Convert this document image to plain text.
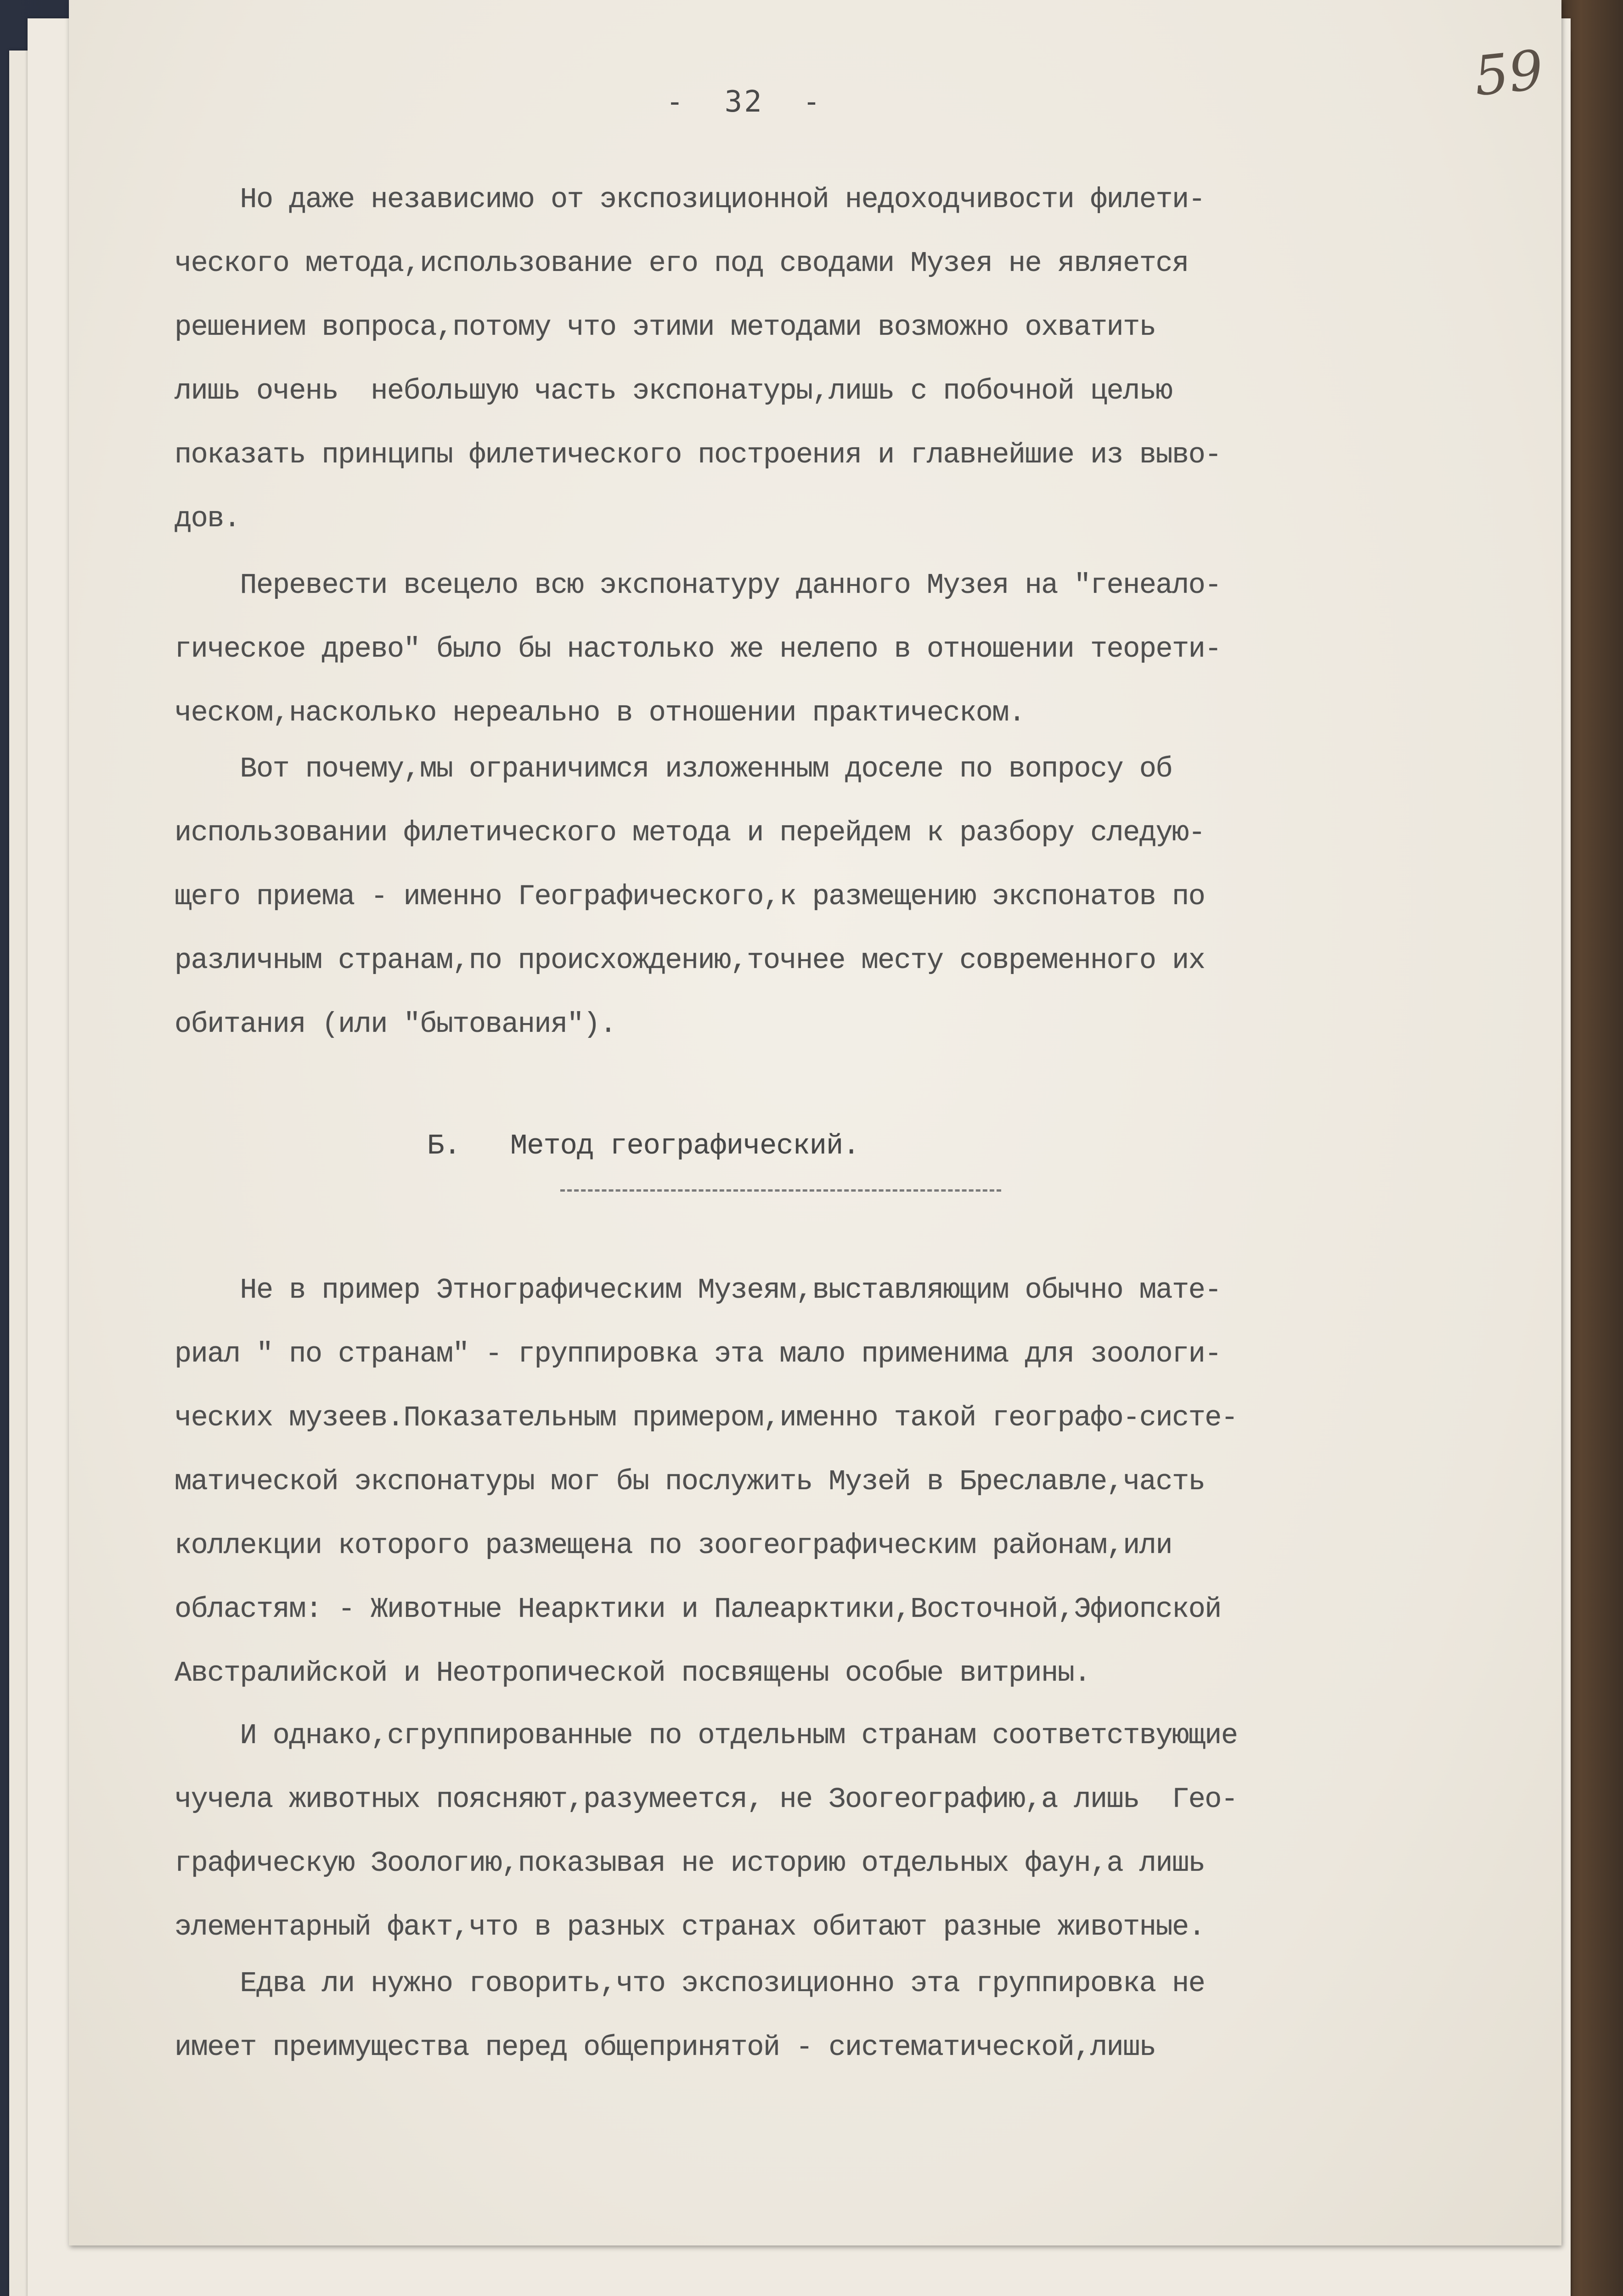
-  32  -	59
Но даже независимо от экспозиционной недоходчивости филети-
ческого метода,использование его под сводами Музея не является
решением вопроса,потому что этими методами возможно охватить
лишь очень  небольшую часть экспонатуры,лишь с побочной целью
показать принципы филетического построения и главнейшие из выво-
дов.
Перевести всецело всю экспонатуру данного Музея на "генеало-
гическое древо" было бы настолько же нелепо в отношении теорети-
ческом,насколько нереально в отношении практическом.
Вот почему,мы ограничимся изложенным доселе по вопросу об
использовании филетического метода и перейдем к разбору следую-
щего приема - именно Географического,к размещению экспонатов по
различным странам,по происхождению,точнее месту современного их
обитания (или "бытования").
Б.   Метод географический.
Не в пример Этнографическим Музеям,выставляющим обычно мате-
риал " по странам" - группировка эта мало применима для зоологи-
ческих музеев.Показательным примером,именно такой географо-систе-
матической экспонатуры мог бы послужить Музей в Бреславле,часть
коллекции которого размещена по зоогеографическим районам,или
областям: - Животные Неарктики и Палеарктики,Восточной,Эфиопской
Австралийской и Неотропической посвящены особые витрины.
И однако,сгруппированные по отдельным странам соответствующие
чучела животных поясняют,разумеется, не Зоогеографию,а лишь  Гео-
графическую Зоологию,показывая не историю отдельных фаун,а лишь
элементарный факт,что в разных странах обитают разные животные.
Едва ли нужно говорить,что экспозиционно эта группировка не
имеет преимущества перед общепринятой - систематической,лишь
